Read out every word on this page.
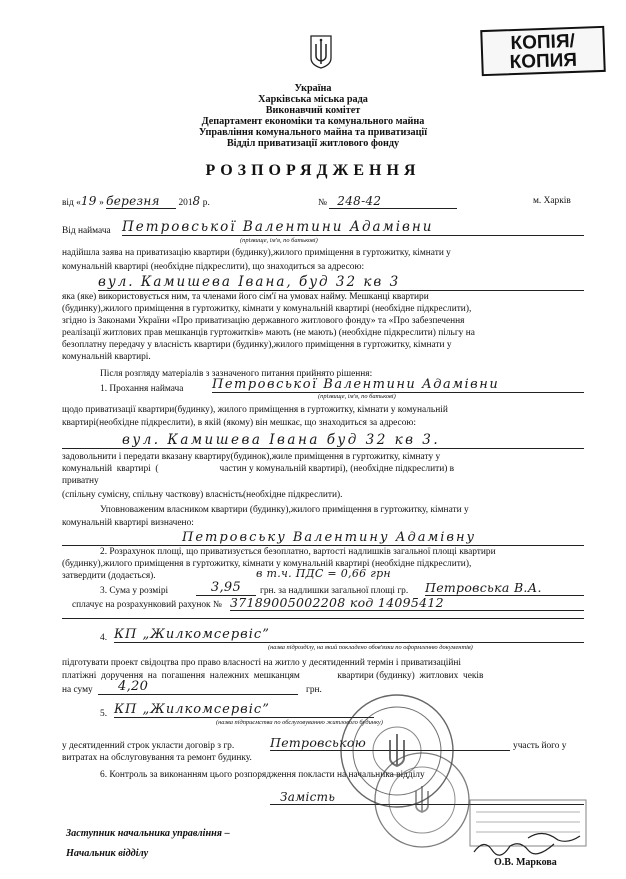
КОПІЯ/
КОПИЯ
Україна
Харківська міська рада
Виконавчий комітет
Департамент економіки та комунального майна
Управління комунального майна та приватизації
Відділ приватизації житлового фонду
РОЗПОРЯДЖЕННЯ
від «19 » березня 2018 р.	№ 248-42	м. Харків
Від наймача Петровської Валентини Адамівни
(прізвище, ім'я, по батькові)
надійшла заява на приватизацію квартири (будинку),жилого приміщення в гуртожитку, кімнати у
комунальній квартирі (необхідне підкреслити), що знаходиться за адресою:
вул. Камишева Івана, буд 32 кв 3
яка (яке) використовується ним, та членами його сім'ї на умовах найму. Мешканці квартири
(будинку),жилого приміщення в гуртожитку, кімнати у комунальній квартирі (необхідне підкреслити),
згідно із Законами України «Про приватизацію державного житлового фонду» та «Про забезпечення
реалізації житлових прав мешканців гуртожитків» мають (не мають) (необхідне підкреслити) пільгу на
безоплатну передачу у власність квартири (будинку),жилого приміщення в гуртожитку, кімнати у
комунальній квартирі.
Після розгляду матеріалів з зазначеного питання прийнято рішення:
1. Прохання наймача Петровської Валентини Адамівни
(прізвище, ім'я, по батькові)
щодо приватизації квартири(будинку), жилого приміщення в гуртожитку, кімнати у комунальній
квартирі(необхідне підкреслити), в якій (якому) він мешкає, що знаходиться за адресою:
вул. Камишева Івана буд 32 кв 3.
задовольнити і передати вказану квартиру(будинок),жиле приміщення в гуртожитку, кімнату у
комунальній  квартирі  (                          частин у комунальній квартирі), (необхідне підкреслити) в
приватну
(спільну сумісну, спільну часткову) власність(необхідне підкреслити).
Уповноваженим власником квартири (будинку),жилого приміщення в гуртожитку, кімнати у
комунальній квартирі визначено:
Петровську Валентину Адамівну
2. Розрахунок площі, що приватизується безоплатно, вартості надлишків загальної площі квартири
(будинку),жилого приміщення в гуртожитку, кімнати у комунальній квартирі (необхідне підкреслити),
затвердити (додається).	в т.ч. ПДС = 0,66 грн
3. Сума у розмірі	3,95	грн. за надлишки загальної площі гр. Петровська В.А.
сплачує на розрахунковий рахунок № 37189005002208 код 14095412
4. КП „Жилкомсервіс”
(назва підрозділу, на який покладено обов'язки по оформленню документів)
підготувати проект свідоцтва про право власності на житло у десятиденний термін і приватизаційні
платіжні  доручення  на  погашення  належних  мешканцям                квартири (будинку)  житлових  чеків
на суму	4,20	грн.
5. КП „Жилкомсервіс”
(назва підприємства по обслуговуванню житлового будинку)
у десятиденний строк укласти договір з гр.	Петровською	участь його у
витратах на обслуговування та ремонт будинку.
6. Контроль за виконанням цього розпорядження покласти на начальника відділу
Замість
Заступник начальника управління –
Начальник відділу
О.В. Маркова
